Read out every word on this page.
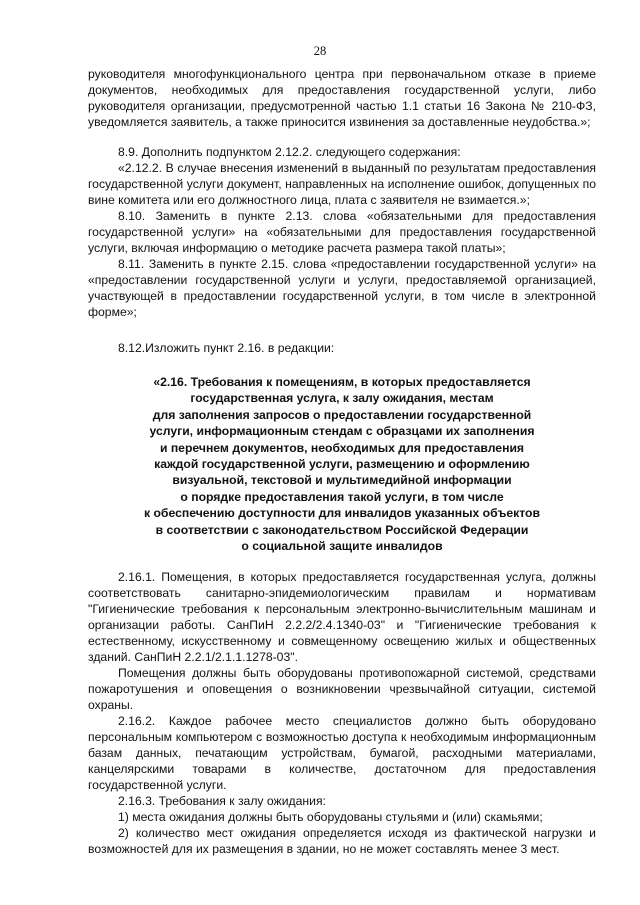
28

руководителя многофункционального центра при первоначальном отказе в приеме документов, необходимых для предоставления государственной услуги, либо руководителя организации, предусмотренной частью 1.1 статьи 16 Закона № 210-ФЗ, уведомляется заявитель, а также приносится извинения за доставленные неудобства.»;

8.9. Дополнить подпунктом 2.12.2. следующего содержания:

«2.12.2. В случае внесения изменений в выданный по результатам предоставления государственной услуги документ, направленных на исполнение ошибок, допущенных по вине комитета или его должностного лица, плата с заявителя не взимается.»;

8.10. Заменить в пункте 2.13. слова «обязательными для предоставления государственной услуги» на «обязательными для предоставления государственной услуги, включая информацию о методике расчета размера такой платы»;

8.11. Заменить в пункте 2.15. слова «предоставлении государственной услуги» на «предоставлении государственной услуги и услуги, предоставляемой организацией, участвующей в предоставлении государственной услуги, в том числе в электронной форме»;

8.12.Изложить пункт 2.16. в редакции:

«2.16. Требования к помещениям, в которых предоставляется
государственная услуга, к залу ожидания, местам
для заполнения запросов о предоставлении государственной
услуги, информационным стендам с образцами их заполнения
и перечнем документов, необходимых для предоставления
каждой государственной услуги, размещению и оформлению
визуальной, текстовой и мультимедийной информации
о порядке предоставления такой услуги, в том числе
к обеспечению доступности для инвалидов указанных объектов
в соответствии с законодательством Российской Федерации
о социальной защите инвалидов

2.16.1. Помещения, в которых предоставляется государственная услуга, должны соответствовать санитарно-эпидемиологическим правилам и нормативам "Гигиенические требования к персональным электронно-вычислительным машинам и организации работы. СанПиН 2.2.2/2.4.1340-03" и "Гигиенические требования к естественному, искусственному и совмещенному освещению жилых и общественных зданий. СанПиН 2.2.1/2.1.1.1278-03".

Помещения должны быть оборудованы противопожарной системой, средствами пожаротушения и оповещения о возникновении чрезвычайной ситуации, системой охраны.

2.16.2. Каждое рабочее место специалистов должно быть оборудовано персональным компьютером с возможностью доступа к необходимым информационным базам данных, печатающим устройствам, бумагой, расходными материалами, канцелярскими товарами в количестве, достаточном для предоставления государственной услуги.

2.16.3. Требования к залу ожидания:

1) места ожидания должны быть оборудованы стульями и (или) скамьями;

2) количество мест ожидания определяется исходя из фактической нагрузки и возможностей для их размещения в здании, но не может составлять менее 3 мест.
